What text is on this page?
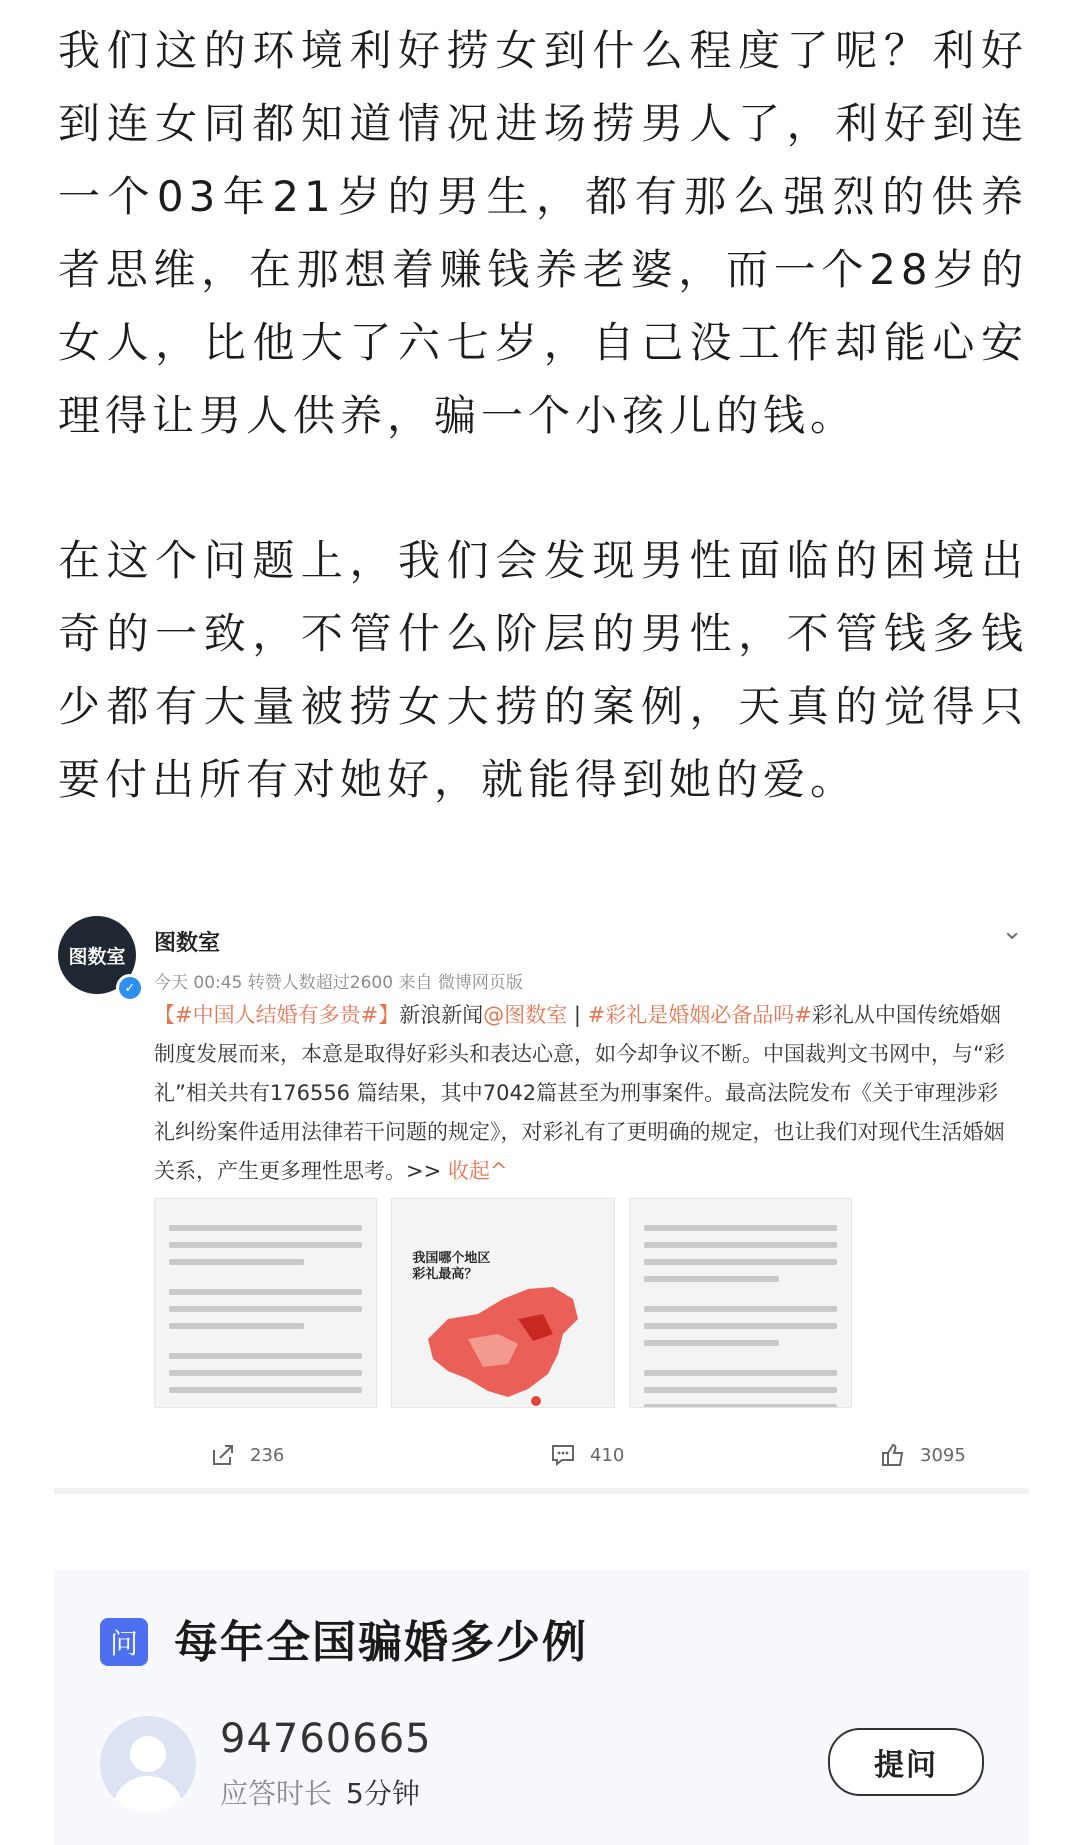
我们这的环境利好捞女到什么程度了呢？利好到连女同都知道情况进场捞男人了，利好到连一个03年21岁的男生，都有那么强烈的供养者思维，在那想着赚钱养老婆，而一个28岁的女人，比他大了六七岁，自己没工作却能心安理得让男人供养，骗一个小孩儿的钱。

在这个问题上，我们会发现男性面临的困境出奇的一致，不管什么阶层的男性，不管钱多钱少都有大量被捞女大捞的案例，天真的觉得只要付出所有对她好，就能得到她的爱。

图数室
✓
图数室
今天 00:45 转赞人数超过2600 来自 微博网页版
⌄
【#中国人结婚有多贵#】新浪新闻@图数室 | #彩礼是婚姻必备品吗#彩礼从中国传统婚姻制度发展而来，本意是取得好彩头和表达心意，如今却争议不断。中国裁判文书网中，与“彩礼”相关共有176556 篇结果，其中7042篇甚至为刑事案件。最高法院发布《关于审理涉彩礼纠纷案件适用法律若干问题的规定》，对彩礼有了更明确的规定，也让我们对现代生活婚姻关系，产生更多理性思考。>> 收起^
我国哪个地区彩礼最高？
236	410	3095
问 每年全国骗婚多少例
94760665
应答时长 5分钟
提问
